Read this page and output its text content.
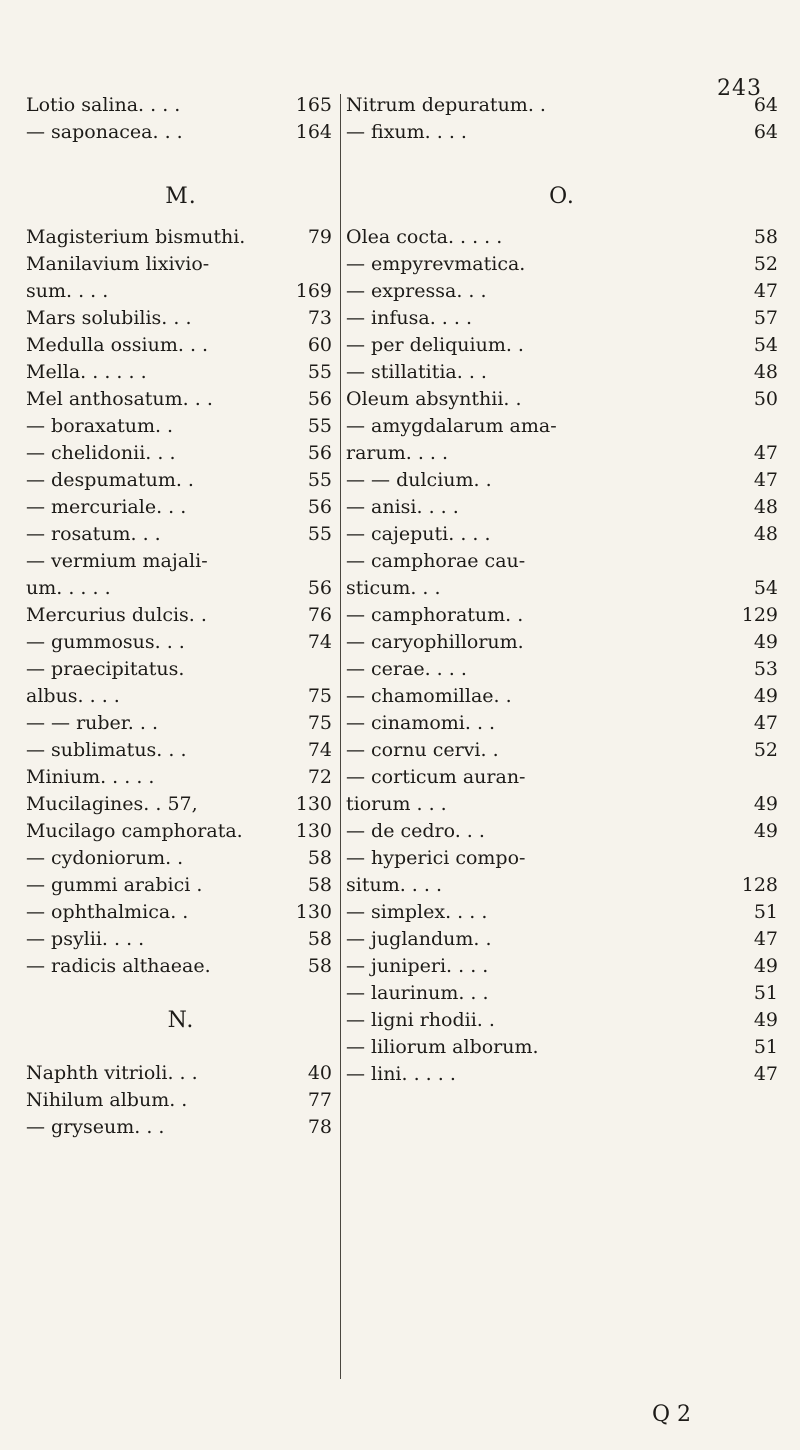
243
Lotio salina. . . .	165
— saponacea. . .	164
M.
Magisterium bismuthi.	79
Manilavium lixivio-
sum. . . .	169
Mars solubilis. . .	73
Medulla ossium. . .	60
Mella. . . . . .	55
Mel anthosatum. . .	56
— boraxatum. .	55
— chelidonii. . .	56
— despumatum. .	55
— mercuriale. . .	56
— rosatum. . .	55
— vermium majali-
um. . . . .	56
Mercurius dulcis. .	76
— gummosus. . .	74
— praecipitatus.
albus. . . .	75
— — ruber. . .	75
— sublimatus. . .	74
Minium. . . . .	72
Mucilagines. . 57,	130
Mucilago camphorata.	130
— cydoniorum. .	58
— gummi arabici .	58
— ophthalmica. .	130
— psylii. . . .	58
— radicis althaeae.	58
N.
Naphth vitrioli. . .	40
Nihilum album. .	77
— gryseum. . .	78
Nitrum depuratum. .	64
— fixum. . . .	64
O.
Olea cocta. . . . .	58
— empyrevmatica.	52
— expressa. . .	47
— infusa. . . .	57
— per deliquium. .	54
— stillatitia. . .	48
Oleum absynthii. .	50
— amygdalarum ama-
rarum. . . .	47
— — dulcium. .	47
— anisi. . . .	48
— cajeputi. . . .	48
— camphorae cau-
sticum. . .	54
— camphoratum. .	129
— caryophillorum.	49
— cerae. . . .	53
— chamomillae. .	49
— cinamomi. . .	47
— cornu cervi. .	52
— corticum auran-
tiorum . . .	49
— de cedro. . .	49
— hyperici compo-
situm. . . .	128
— simplex. . . .	51
— juglandum. .	47
— juniperi. . . .	49
— laurinum. . .	51
— ligni rhodii. .	49
— liliorum alborum.	51
— lini. . . . .	47
Q 2
